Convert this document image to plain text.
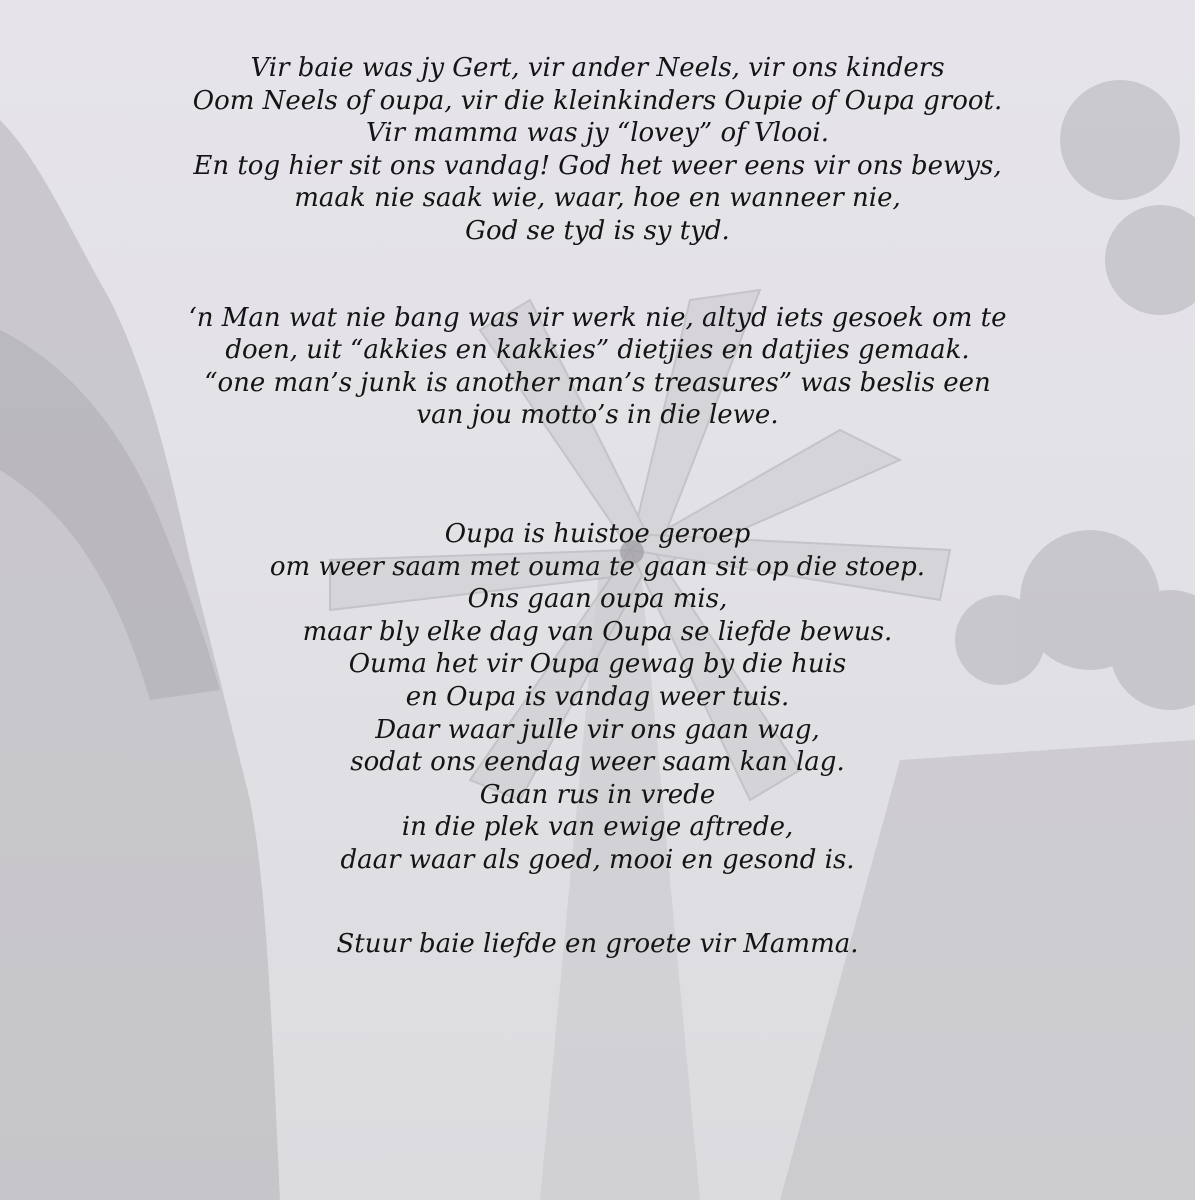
Vir baie was jy Gert, vir ander Neels, vir ons kinders
Oom Neels of oupa, vir die kleinkinders Oupie of Oupa groot.
Vir mamma was jy “lovey” of Vlooi.
En tog hier sit ons vandag! God het weer eens vir ons bewys,
maak nie saak wie, waar, hoe en wanneer nie,
God se tyd is sy tyd.
‘n Man wat nie bang was vir werk nie, altyd iets gesoek om te
doen, uit “akkies en kakkies” dietjies en datjies gemaak.
“one man’s junk is another man’s treasures” was beslis een
van jou motto’s in die lewe.
Oupa is huistoe geroep
om weer saam met ouma te gaan sit op die stoep.
Ons gaan oupa mis,
maar bly elke dag van Oupa se liefde bewus.
Ouma het vir Oupa gewag by die huis
en Oupa is vandag weer tuis.
Daar waar julle vir ons gaan wag,
sodat ons eendag weer saam kan lag.
Gaan rus in vrede
in die plek van ewige aftrede,
daar waar als goed, mooi en gesond is.
Stuur baie liefde en groete vir Mamma.
